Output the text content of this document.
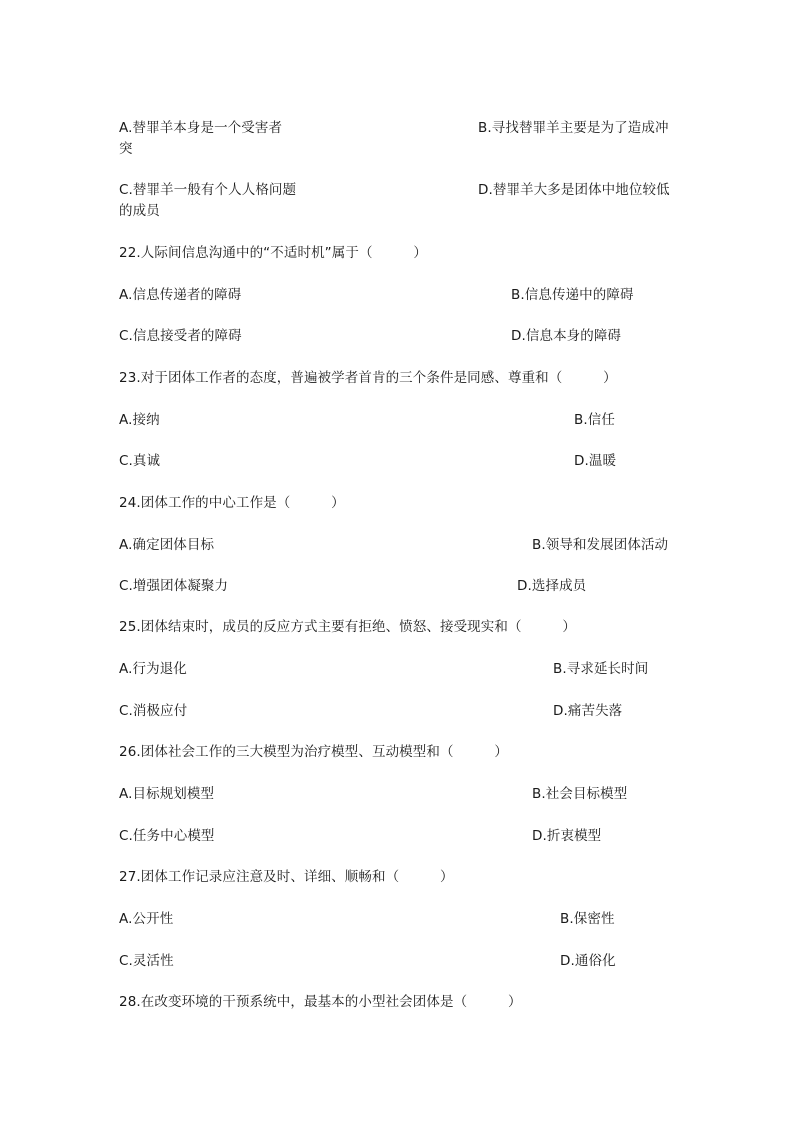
A.替罪羊本身是一个受害者	B.寻找替罪羊主要是为了造成冲
突
C.替罪羊一般有个人人格问题	D.替罪羊大多是团体中地位较低
的成员
22.人际间信息沟通中的“不适时机”属于（　　　）
A.信息传递者的障碍	B.信息传递中的障碍
C.信息接受者的障碍	D.信息本身的障碍
23.对于团体工作者的态度，普遍被学者首肯的三个条件是同感、尊重和（　　　）
A.接纳	B.信任
C.真诚	D.温暖
24.团体工作的中心工作是（　　　）
A.确定团体目标	B.领导和发展团体活动
C.增强团体凝聚力	D.选择成员
25.团体结束时，成员的反应方式主要有拒绝、愤怒、接受现实和（　　　）
A.行为退化	B.寻求延长时间
C.消极应付	D.痛苦失落
26.团体社会工作的三大模型为治疗模型、互动模型和（　　　）
A.目标规划模型	B.社会目标模型
C.任务中心模型	D.折衷模型
27.团体工作记录应注意及时、详细、顺畅和（　　　）
A.公开性	B.保密性
C.灵活性	D.通俗化
28.在改变环境的干预系统中，最基本的小型社会团体是（　　　）
